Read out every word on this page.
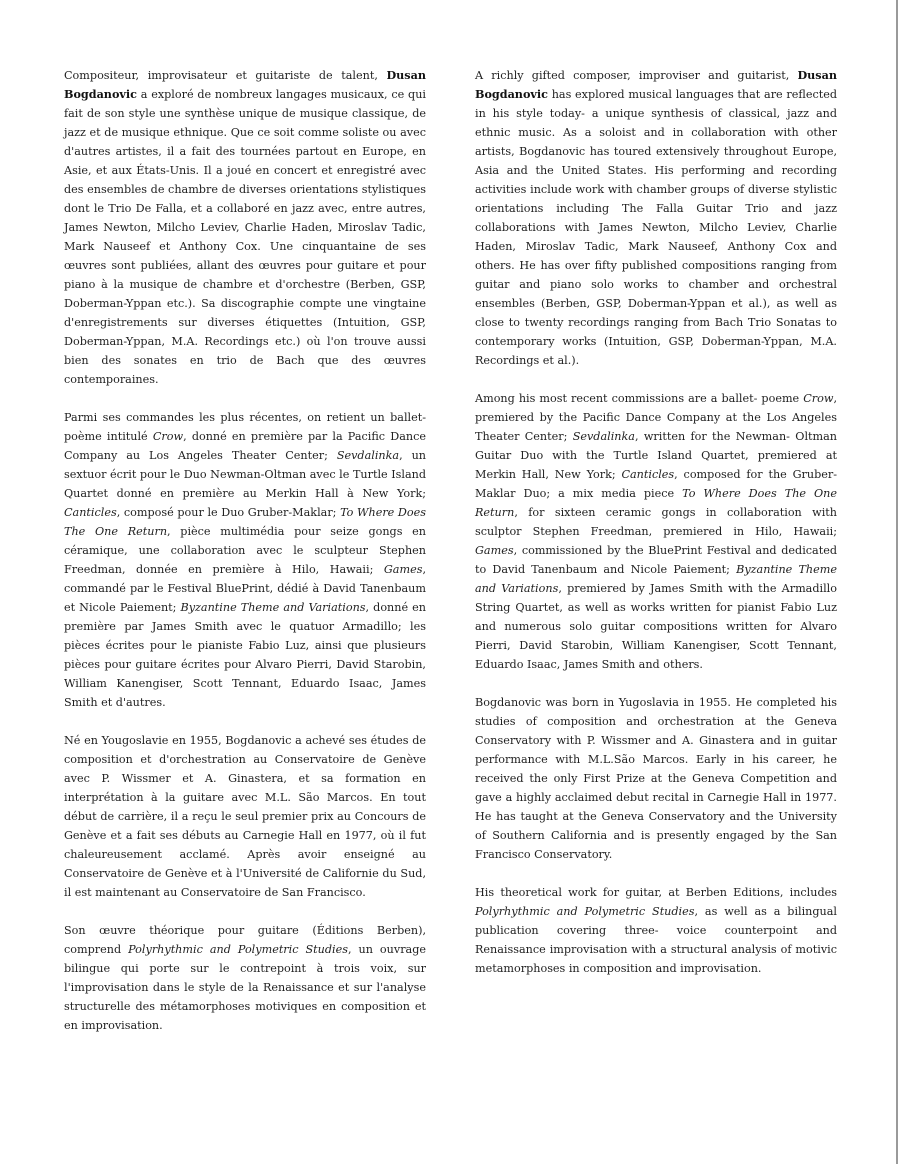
Compositeur, improvisateur et guitariste de talent, Dusan Bogdanovic a exploré de nombreux langages musicaux, ce qui fait de son style une synthèse unique de musique classique, de jazz et de musique ethnique. Que ce soit comme soliste ou avec d'autres artistes, il a fait des tournées partout en Europe, en Asie, et aux États-Unis. Il a joué en concert et enregistré avec des ensembles de chambre de diverses orientations stylistiques dont le Trio De Falla, et a collaboré en jazz avec, entre autres, James Newton, Milcho Leviev, Charlie Haden, Miroslav Tadic, Mark Nauseef et Anthony Cox. Une cinquantaine de ses œuvres sont publiées, allant des œuvres pour guitare et pour piano à la musique de chambre et d'orchestre (Berben, GSP, Doberman-Yppan etc.). Sa discographie compte une vingtaine d'enregistrements sur diverses étiquettes (Intuition, GSP, Doberman-Yppan, M.A. Recordings etc.) où l'on trouve aussi bien des sonates en trio de Bach que des œuvres contemporaines.

Parmi ses commandes les plus récentes, on retient un ballet-poème intitulé Crow, donné en première par la Pacific Dance Company au Los Angeles Theater Center; Sevdalinka, un sextuor écrit pour le Duo Newman-Oltman avec le Turtle Island Quartet donné en première au Merkin Hall à New York; Canticles, composé pour le Duo Gruber-Maklar; To Where Does The One Return, pièce multimédia pour seize gongs en céramique, une collaboration avec le sculpteur Stephen Freedman, donnée en première à Hilo, Hawaii; Games, commandé par le Festival BluePrint, dédié à David Tanenbaum et Nicole Paiement; Byzantine Theme and Variations, donné en première par James Smith avec le quatuor Armadillo; les pièces écrites pour le pianiste Fabio Luz, ainsi que plusieurs pièces pour guitare écrites pour Alvaro Pierri, David Starobin, William Kanengiser, Scott Tennant, Eduardo Isaac, James Smith et d'autres.

Né en Yougoslavie en 1955, Bogdanovic a achevé ses études de composition et d'orchestration au Conservatoire de Genève avec P. Wissmer et A. Ginastera, et sa formation en interprétation à la guitare avec M.L. São Marcos. En tout début de carrière, il a reçu le seul premier prix au Concours de Genève et a fait ses débuts au Carnegie Hall en 1977, où il fut chaleureusement acclamé. Après avoir enseigné au Conservatoire de Genève et à l'Université de Californie du Sud, il est maintenant au Conservatoire de San Francisco.

Son œuvre théorique pour guitare (Éditions Berben), comprend Polyrhythmic and Polymetric Studies, un ouvrage bilingue qui porte sur le contrepoint à trois voix, sur l'improvisation dans le style de la Renaissance et sur l'analyse structurelle des métamorphoses motiviques en composition et en improvisation.

A richly gifted composer, improviser and guitarist, Dusan Bogdanovic has explored musical languages that are reflected in his style today- a unique synthesis of classical, jazz and ethnic music. As a soloist and in collaboration with other artists, Bogdanovic has toured extensively throughout Europe, Asia and the United States. His performing and recording activities include work with chamber groups of diverse stylistic orientations including The Falla Guitar Trio and jazz collaborations with James Newton, Milcho Leviev, Charlie Haden, Miroslav Tadic, Mark Nauseef, Anthony Cox and others. He has over fifty published compositions ranging from guitar and piano solo works to chamber and orchestral ensembles (Berben, GSP, Doberman-Yppan et al.), as well as close to twenty recordings ranging from Bach Trio Sonatas to contemporary works (Intuition, GSP, Doberman-Yppan, M.A. Recordings et al.).

Among his most recent commissions are a ballet- poeme Crow, premiered by the Pacific Dance Company at the Los Angeles Theater Center; Sevdalinka, written for the Newman- Oltman Guitar Duo with the Turtle Island Quartet, premiered at Merkin Hall, New York; Canticles, composed for the Gruber-Maklar Duo; a mix media piece To Where Does The One Return, for sixteen ceramic gongs in collaboration with sculptor Stephen Freedman, premiered in Hilo, Hawaii; Games, commissioned by the BluePrint Festival and dedicated to David Tanenbaum and Nicole Paiement; Byzantine Theme and Variations, premiered by James Smith with the Armadillo String Quartet, as well as works written for pianist Fabio Luz and numerous solo guitar compositions written for Alvaro Pierri, David Starobin, William Kanengiser, Scott Tennant, Eduardo Isaac, James Smith and others.

Bogdanovic was born in Yugoslavia in 1955. He completed his studies of composition and orchestration at the Geneva Conservatory with P. Wissmer and A. Ginastera and in guitar performance with M.L.São Marcos. Early in his career, he received the only First Prize at the Geneva Competition and gave a highly acclaimed debut recital in Carnegie Hall in 1977. He has taught at the Geneva Conservatory and the University of Southern California and is presently engaged by the San Francisco Conservatory.

His theoretical work for guitar, at Berben Editions, includes Polyrhythmic and Polymetric Studies, as well as a bilingual publication covering three- voice counterpoint and Renaissance improvisation with a structural analysis of motivic metamorphoses in composition and improvisation.
